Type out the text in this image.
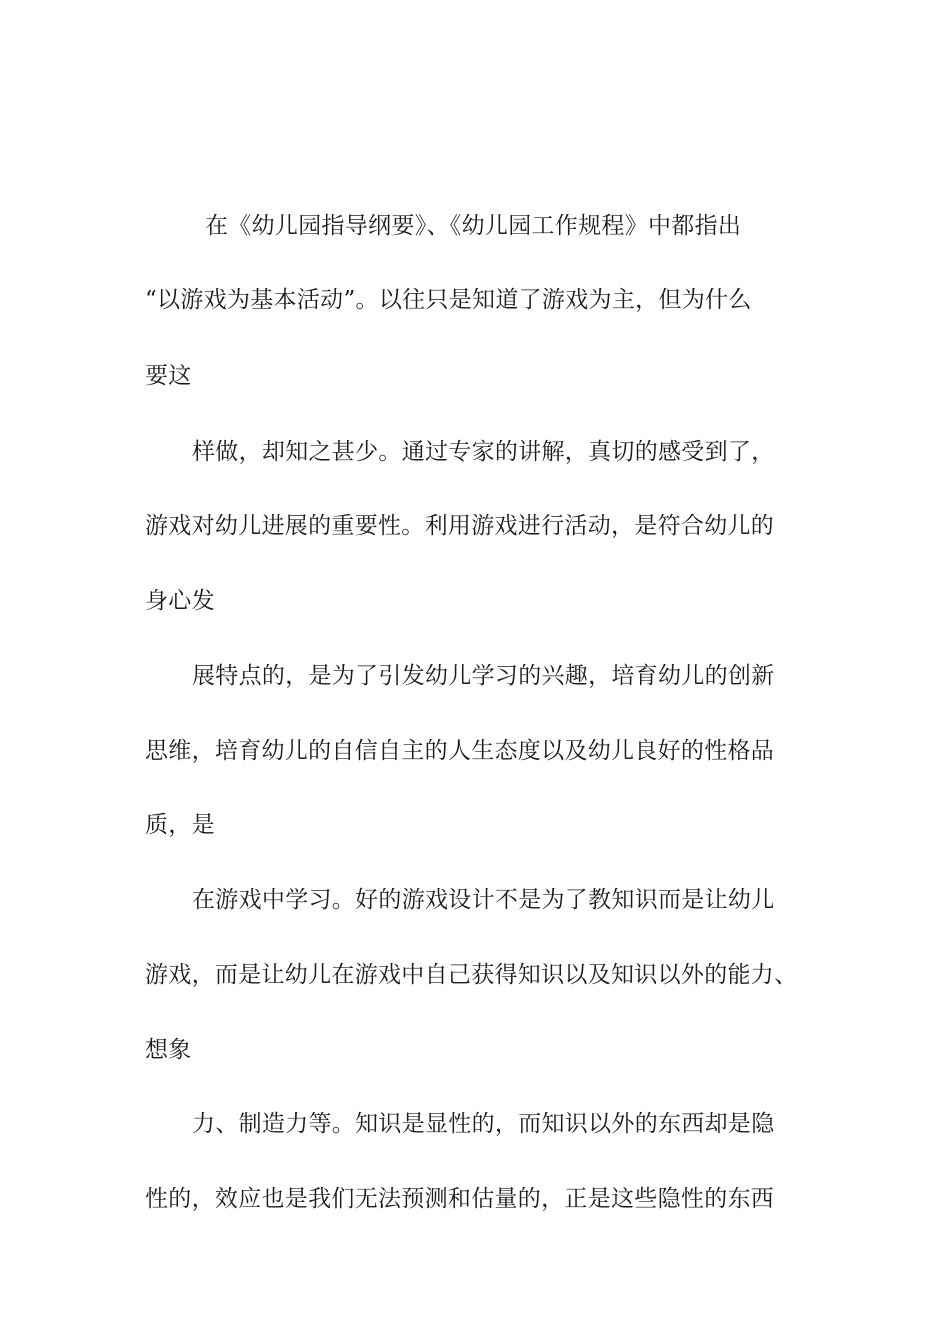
在《幼儿园指导纲要》、《幼儿园工作规程》中都指出
“以游戏为基本活动”。以往只是知道了游戏为主，但为什么
要这
样做，却知之甚少。通过专家的讲解，真切的感受到了，
游戏对幼儿进展的重要性。利用游戏进行活动，是符合幼儿的
身心发
展特点的，是为了引发幼儿学习的兴趣，培育幼儿的创新
思维，培育幼儿的自信自主的人生态度以及幼儿良好的性格品
质，是
在游戏中学习。好的游戏设计不是为了教知识而是让幼儿
游戏，而是让幼儿在游戏中自己获得知识以及知识以外的能力、
想象
力、制造力等。知识是显性的，而知识以外的东西却是隐
性的，效应也是我们无法预测和估量的，正是这些隐性的东西
